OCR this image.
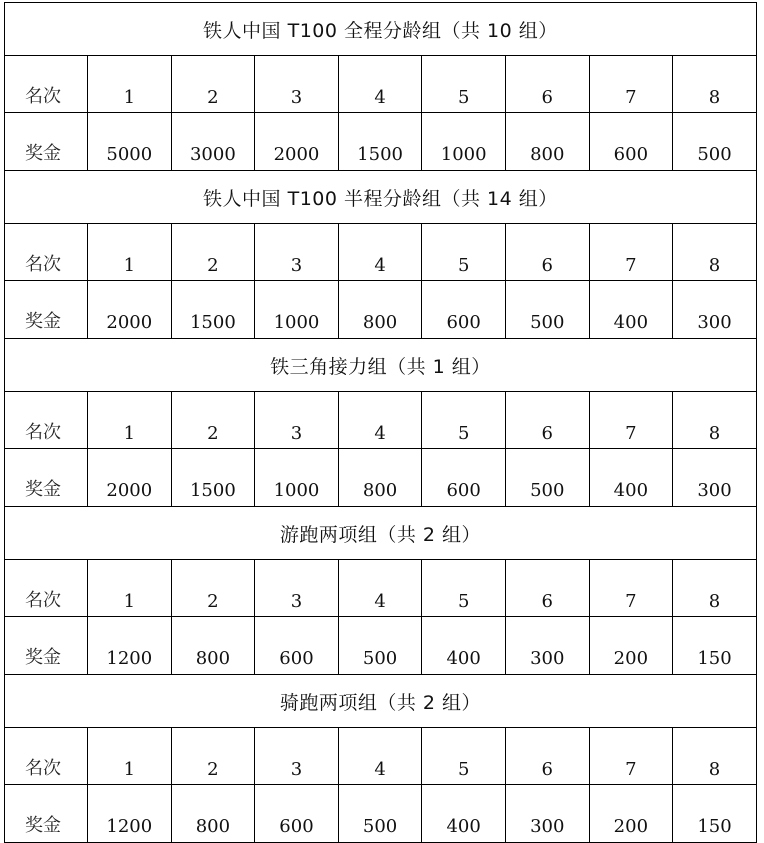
铁人中国 T100 全程分龄组（共 10 组）								
名次	1	2	3	4	5	6	7	8
奖金	5000	3000	2000	1500	1000	800	600	500
铁人中国 T100 半程分龄组（共 14 组）								
名次	1	2	3	4	5	6	7	8
奖金	2000	1500	1000	800	600	500	400	300
铁三角接力组（共 1 组）								
名次	1	2	3	4	5	6	7	8
奖金	2000	1500	1000	800	600	500	400	300
游跑两项组（共 2 组）								
名次	1	2	3	4	5	6	7	8
奖金	1200	800	600	500	400	300	200	150
骑跑两项组（共 2 组）								
名次	1	2	3	4	5	6	7	8
奖金	1200	800	600	500	400	300	200	150
